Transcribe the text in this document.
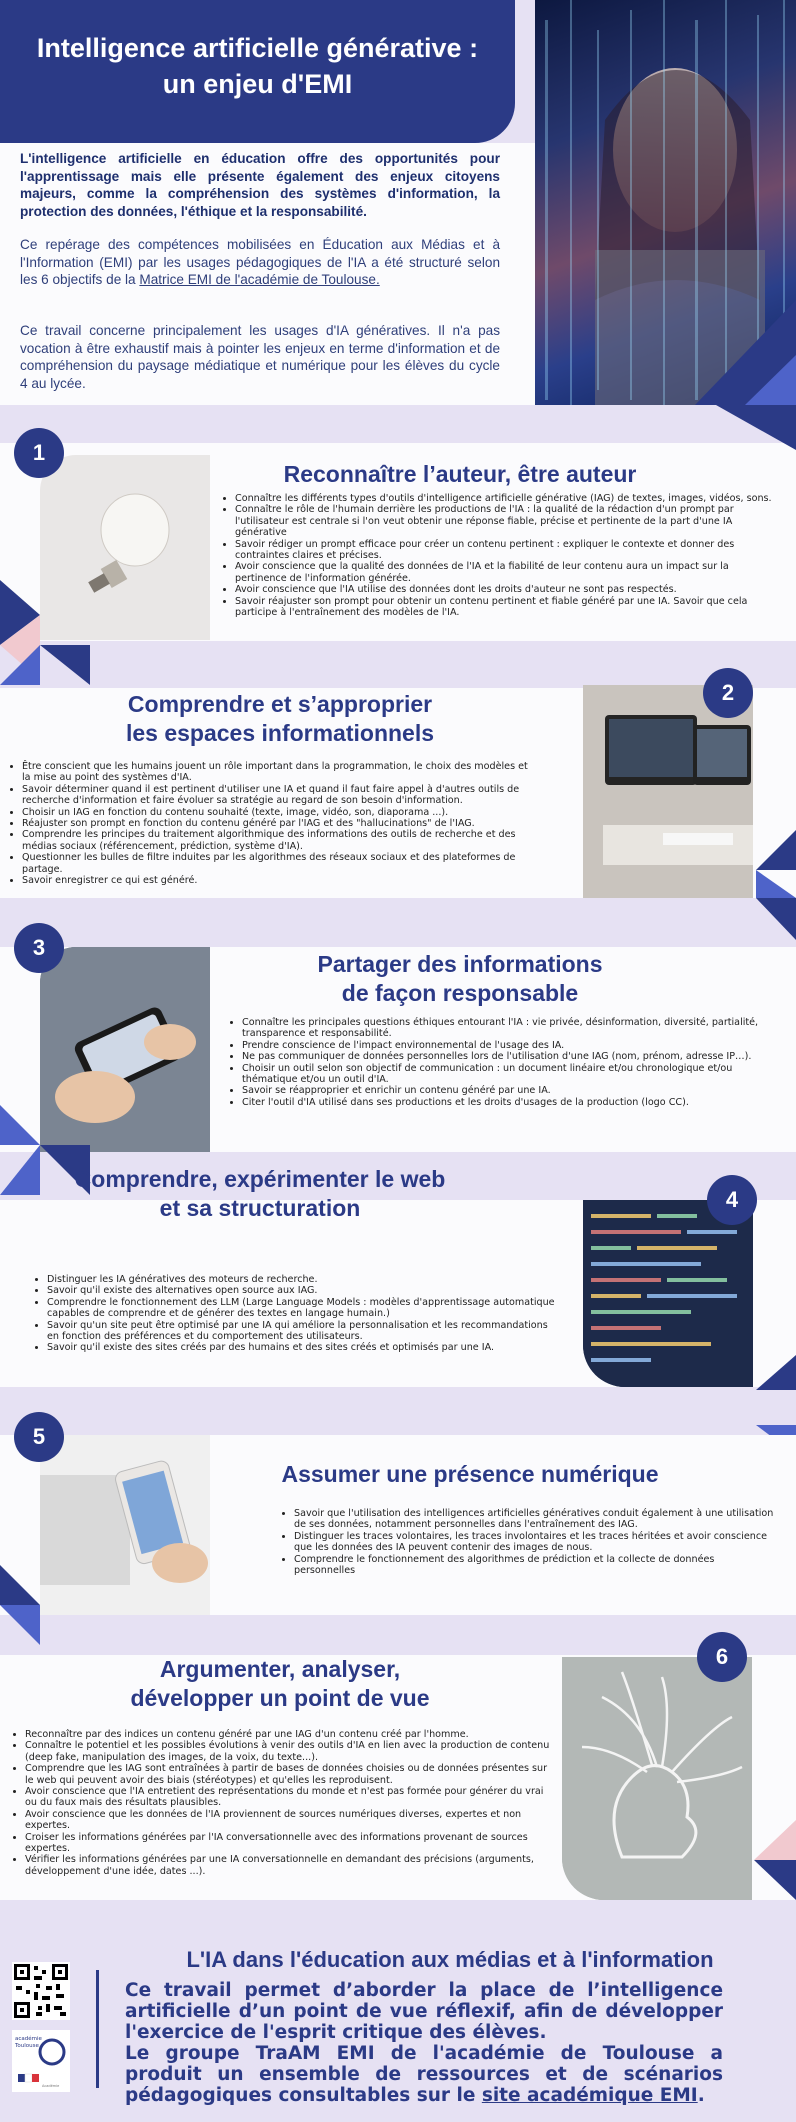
Intelligence artificielle générative :
un enjeu d'EMI
L'intelligence artificielle en éducation offre des opportunités pour l'apprentissage mais elle présente également des enjeux citoyens majeurs, comme la compréhension des systèmes d'information, la protection des données, l'éthique et la responsabilité.
Ce repérage des compétences mobilisées en Éducation aux Médias et à l'Information (EMI) par les usages pédagogiques de l'IA a été structuré selon les 6 objectifs de la Matrice EMI de l'académie de Toulouse.
Ce travail concerne principalement les usages d'IA génératives. Il n'a pas vocation à être exhaustif mais à pointer les enjeux en terme d'information et de compréhension du paysage médiatique et numérique pour les élèves du cycle 4 au lycée.
1
Reconnaître l’auteur, être auteur
• Connaître les différents types d'outils d'intelligence artificielle générative (IAG) de textes, images, vidéos, sons.
• Connaître le rôle de l'humain derrière les productions de l'IA : la qualité de la rédaction d'un prompt par l'utilisateur est centrale si l'on veut obtenir une réponse fiable, précise et pertinente de la part d'une IA générative
• Savoir rédiger un prompt efficace pour créer un contenu pertinent : expliquer le contexte et donner des contraintes claires et précises.
• Avoir conscience que la qualité des données de l'IA et la fiabilité de leur contenu aura un impact sur la pertinence de l'information générée.
• Avoir conscience que l'IA utilise des données dont les droits d'auteur ne sont pas respectés.
• Savoir réajuster son prompt pour obtenir un contenu pertinent et fiable généré par une IA. Savoir que cela participe à l'entraînement des modèles de l'IA.
2
Comprendre et s’approprier
les espaces informationnels
• Être conscient que les humains jouent un rôle important dans la programmation, le choix des modèles et la mise au point des systèmes d'IA.
• Savoir déterminer quand il est pertinent d'utiliser une IA et quand il faut faire appel à d'autres outils de recherche d'information et faire évoluer sa stratégie au regard de son besoin d'information.
• Choisir un IAG en fonction du contenu souhaité (texte, image, vidéo, son, diaporama ...).
• Réajuster son prompt en fonction du contenu généré par l'IAG et des "hallucinations" de l'IAG.
• Comprendre les principes du traitement algorithmique des informations des outils de recherche et des médias sociaux (référencement, prédiction, système d'IA).
• Questionner les bulles de filtre induites par les algorithmes des réseaux sociaux et des plateformes de partage.
• Savoir enregistrer ce qui est généré.
3
Partager des informations
de façon responsable
• Connaître les principales questions éthiques entourant l'IA : vie privée, désinformation, diversité, partialité, transparence et responsabilité.
• Prendre conscience de l'impact environnemental de l'usage des IA.
• Ne pas communiquer de données personnelles lors de l'utilisation d'une IAG (nom, prénom, adresse IP…).
• Choisir un outil selon son objectif de communication : un document linéaire et/ou chronologique et/ou thématique et/ou un outil d'IA.
• Savoir se réapproprier et enrichir un contenu généré par une IA.
• Citer l'outil d'IA utilisé dans ses productions et les droits d'usages de la production (logo CC).
4
Comprendre, expérimenter le web
et sa structuration
• Distinguer les IA génératives des moteurs de recherche.
• Savoir qu'il existe des alternatives open source aux IAG.
• Comprendre le fonctionnement des LLM (Large Language Models : modèles d'apprentissage automatique capables de comprendre et de générer des textes en langage humain.)
• Savoir qu'un site peut être optimisé par une IA qui améliore la personnalisation et les recommandations en fonction des préférences et du comportement des utilisateurs.
• Savoir qu'il existe des sites créés par des humains et des sites créés et optimisés par une IA.
5
Assumer une présence numérique
• Savoir que l'utilisation des intelligences artificielles génératives conduit également à une utilisation de ses données, notamment personnelles dans l'entraînement des IAG.
• Distinguer les traces volontaires, les traces involontaires et les traces héritées et avoir conscience que les données des IA peuvent contenir des images de nous.
• Comprendre le fonctionnement des algorithmes de prédiction et la collecte de données personnelles
6
Argumenter, analyser,
développer un point de vue
• Reconnaître par des indices un contenu généré par une IAG d'un contenu créé par l'homme.
• Connaître le potentiel et les possibles évolutions à venir des outils d'IA en lien avec la production de contenu (deep fake, manipulation des images, de la voix, du texte...).
• Comprendre que les IAG sont entraînées à partir de bases de données choisies ou de données présentes sur le web qui peuvent avoir des biais (stéréotypes) et qu'elles les reproduisent.
• Avoir conscience que l'IA entretient des représentations du monde et n'est pas formée pour générer du vrai ou du faux mais des résultats plausibles.
• Avoir conscience que les données de l'IA proviennent de sources numériques diverses, expertes et non expertes.
• Croiser les informations générées par l'IA conversationnelle avec des informations provenant de sources expertes.
• Vérifier les informations générées par une IA conversationnelle en demandant des précisions (arguments, développement d'une idée, dates ...).
académie
Toulouse
Académie
L'IA dans l'éducation aux médias et à l'information
Ce travail permet d’aborder la place de l’intelligence artificielle d’un point de vue réflexif, afin de développer l'exercice de l'esprit critique des élèves.
Le groupe TraAM EMI de l'académie de Toulouse a produit un ensemble de ressources et de scénarios pédagogiques consultables sur le site académique EMI.
